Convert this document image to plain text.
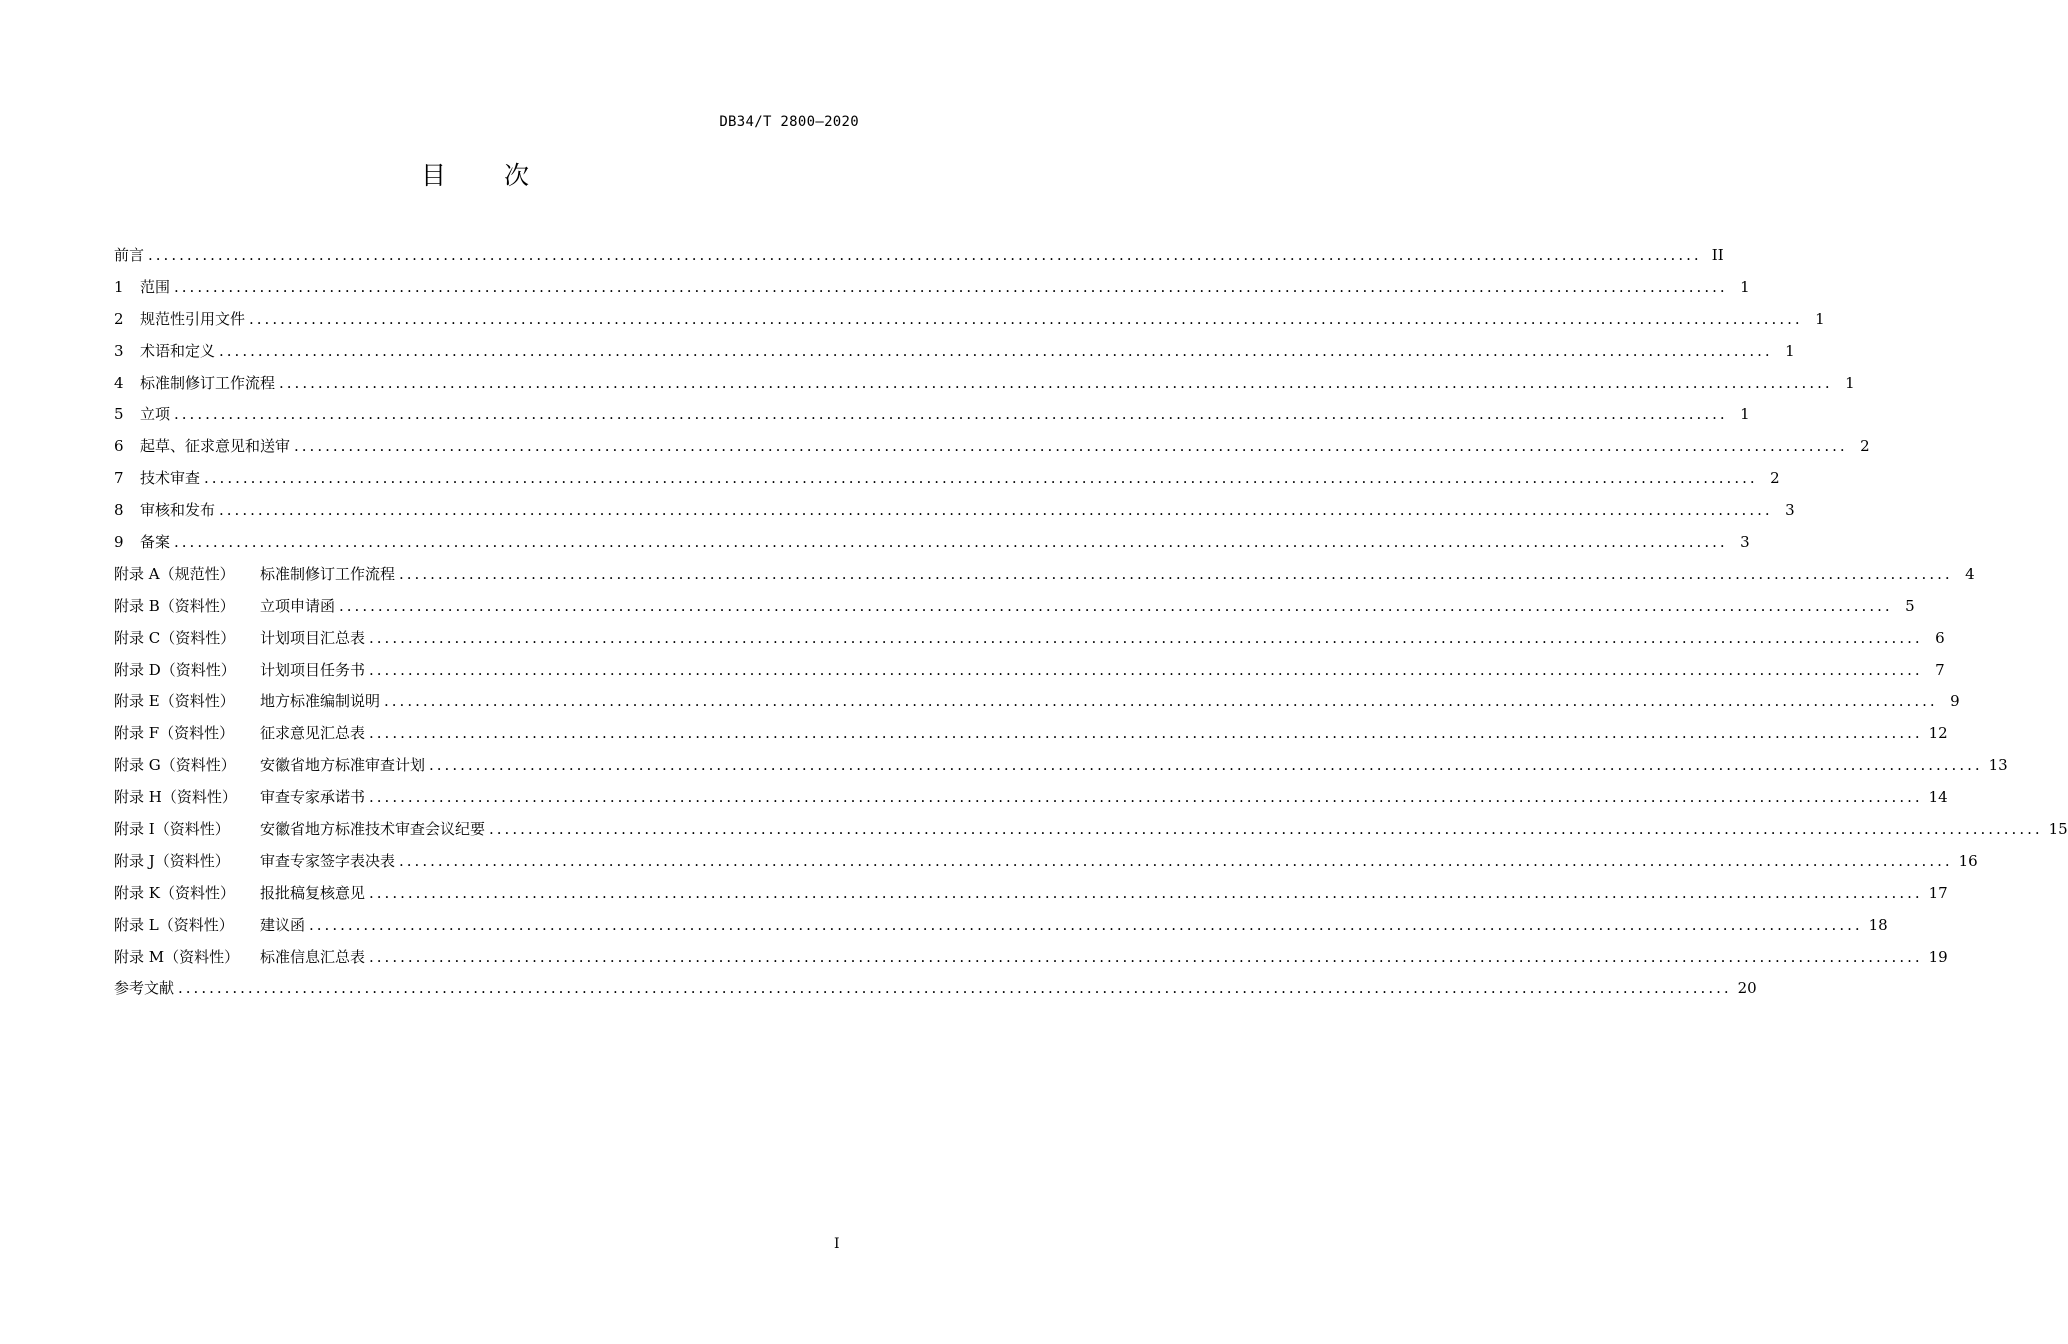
DB34/T 2800—2020
目次
前言 ........................................................................................................................................................................................................ II
1	范围 ........................................................................................................................................................................................................ 1
2	规范性引用文件 ........................................................................................................................................................................................................ 1
3	术语和定义 ........................................................................................................................................................................................................ 1
4	标准制修订工作流程 ........................................................................................................................................................................................................ 1
5	立项 ........................................................................................................................................................................................................ 1
6	起草、征求意见和送审 ........................................................................................................................................................................................................ 2
7	技术审查 ........................................................................................................................................................................................................ 2
8	审核和发布 ........................................................................................................................................................................................................ 3
9	备案 ........................................................................................................................................................................................................ 3
附录 A（规范性）	标准制修订工作流程 ........................................................................................................................................................................................................ 4
附录 B（资料性）	立项申请函 ........................................................................................................................................................................................................ 5
附录 C（资料性）	计划项目汇总表 ........................................................................................................................................................................................................ 6
附录 D（资料性）	计划项目任务书 ........................................................................................................................................................................................................ 7
附录 E（资料性）	地方标准编制说明 ........................................................................................................................................................................................................ 9
附录 F（资料性）	征求意见汇总表 ........................................................................................................................................................................................................ 12
附录 G（资料性）	安徽省地方标准审查计划 ........................................................................................................................................................................................................ 13
附录 H（资料性）	审查专家承诺书 ........................................................................................................................................................................................................ 14
附录 I（资料性）	安徽省地方标准技术审查会议纪要 ........................................................................................................................................................................................................ 15
附录 J（资料性）	审查专家签字表决表 ........................................................................................................................................................................................................ 16
附录 K（资料性）	报批稿复核意见 ........................................................................................................................................................................................................ 17
附录 L（资料性）	建议函 ........................................................................................................................................................................................................ 18
附录 M（资料性）	标准信息汇总表 ........................................................................................................................................................................................................ 19
参考文献 ........................................................................................................................................................................................................ 20
I
